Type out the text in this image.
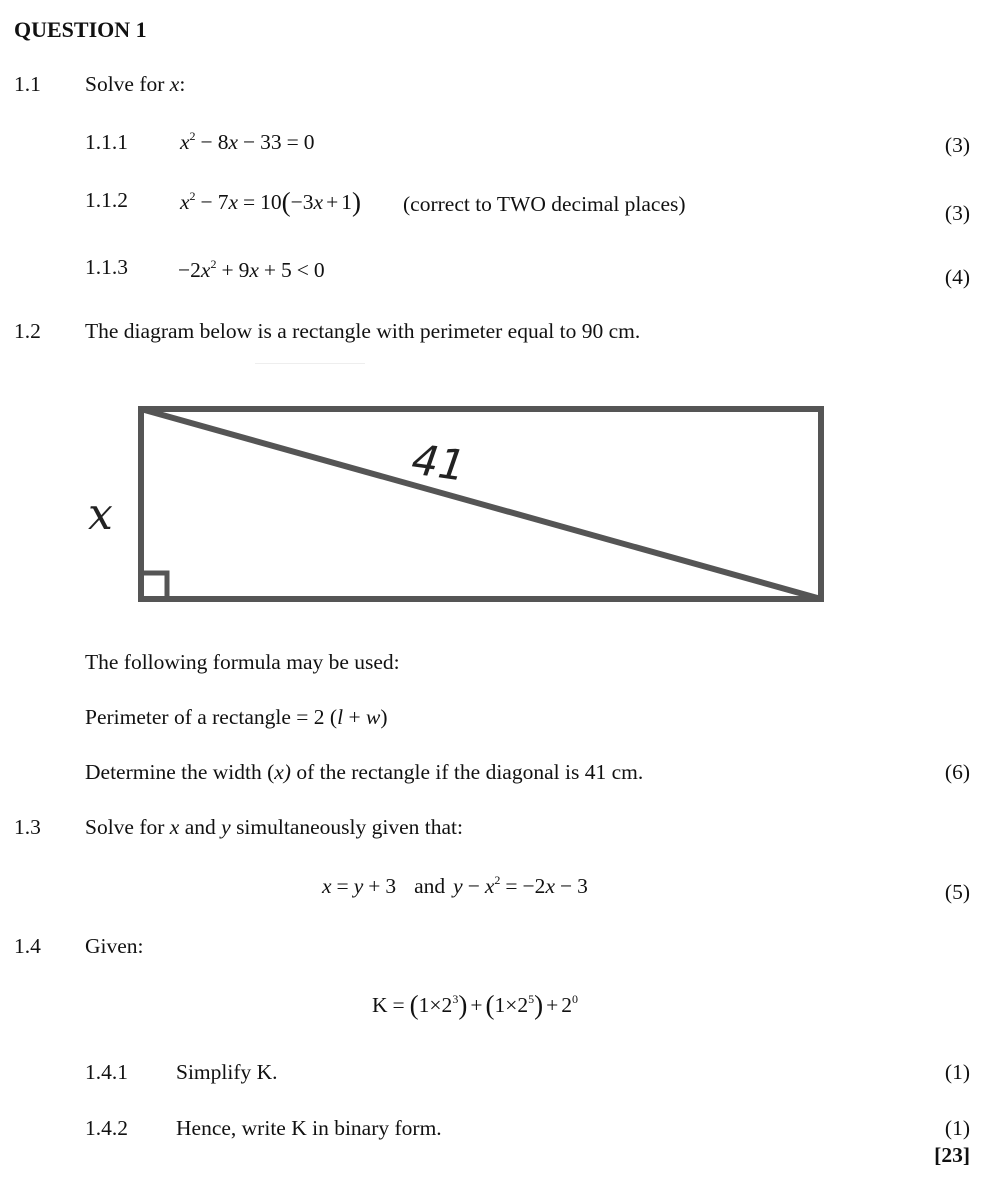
QUESTION 1
1.1 Solve for x:
1.1.1 $x^2 - 8x - 33 = 0$	(3)
1.1.2 $x^2 - 7x = 10(-3x + 1)$ (correct to TWO decimal places)	(3)
$1.1.3 -2x^2 + 9x + 5 < 0$	(4)
1.2 The diagram below is a rectangle with perimeter equal to 90 cm.
41
x
The following formula may be used:
Perimeter of a rectangle = 2 (l + w)
Determine the width (x) of the rectangle if the diagonal is 41 cm.	(6)
1.3 Solve for x and y simultaneously given that:
x = y + 3 and $y - x^2 = -2x - 3$	(5)
1.4 Given:
$K = (1\times 2^3) + (1\times 2^5) + 2^0$
1.4.1 Simplify K.	(1)
1.4.2 Hence, write K in binary form.	(1)
[23]
